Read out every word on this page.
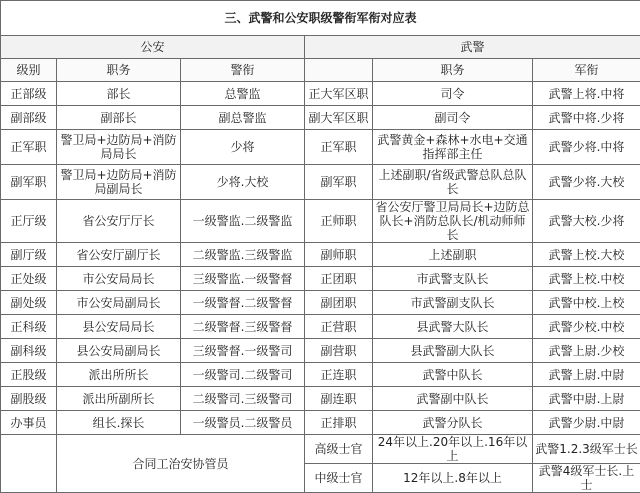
三、武警和公安职级警衔军衔对应表					
公安			武警		
级别	职务	警衔		职务	军衔
正部级	部长	总警监	正大军区职	司令	武警上将.中将
副部级	副部长	副总警监	副大军区职	副司令	武警中将.少将
正军职	警卫局+边防局+消防局局长	少将	正军职	武警黄金+森林+水电+交通指挥部主任	武警少将.中将
副军职	警卫局+边防局+消防局副局长	少将.大校	副军职	上述副职/省级武警总队总队长	武警少将.大校
正厅级	省公安厅厅长	一级警监.二级警监	正师职	省公安厅警卫局局长+边防总队长+消防总队长/机动师师长	武警大校.少将
副厅级	省公安厅副厅长	二级警监.三级警监	副师职	上述副职	武警上校.大校
正处级	市公安局局长	三级警监.一级警督	正团职	市武警支队长	武警上校.中校
副处级	市公安局副局长	一级警督.二级警督	副团职	市武警副支队长	武警中校.上校
正科级	县公安局局长	二级警督.三级警督	正营职	县武警大队长	武警少校.中校
副科级	县公安局副局长	三级警督.一级警司	副营职	县武警副大队长	武警上尉.少校
正股级	派出所所长	一级警司.二级警司	正连职	武警中队长	武警上尉.中尉
副股级	派出所副所长	二级警司.三级警司	副连职	武警副中队长	武警中尉.上尉
办事员	组长.探长	一级警员.二级警员	正排职	武警分队长	武警少尉.中尉
	合同工治安协管员		高级士官	24年以上.20年以上.16年以上	武警1.2.3级军士长
			中级士官	12年以上.8年以上	武警4级军士长.上士
